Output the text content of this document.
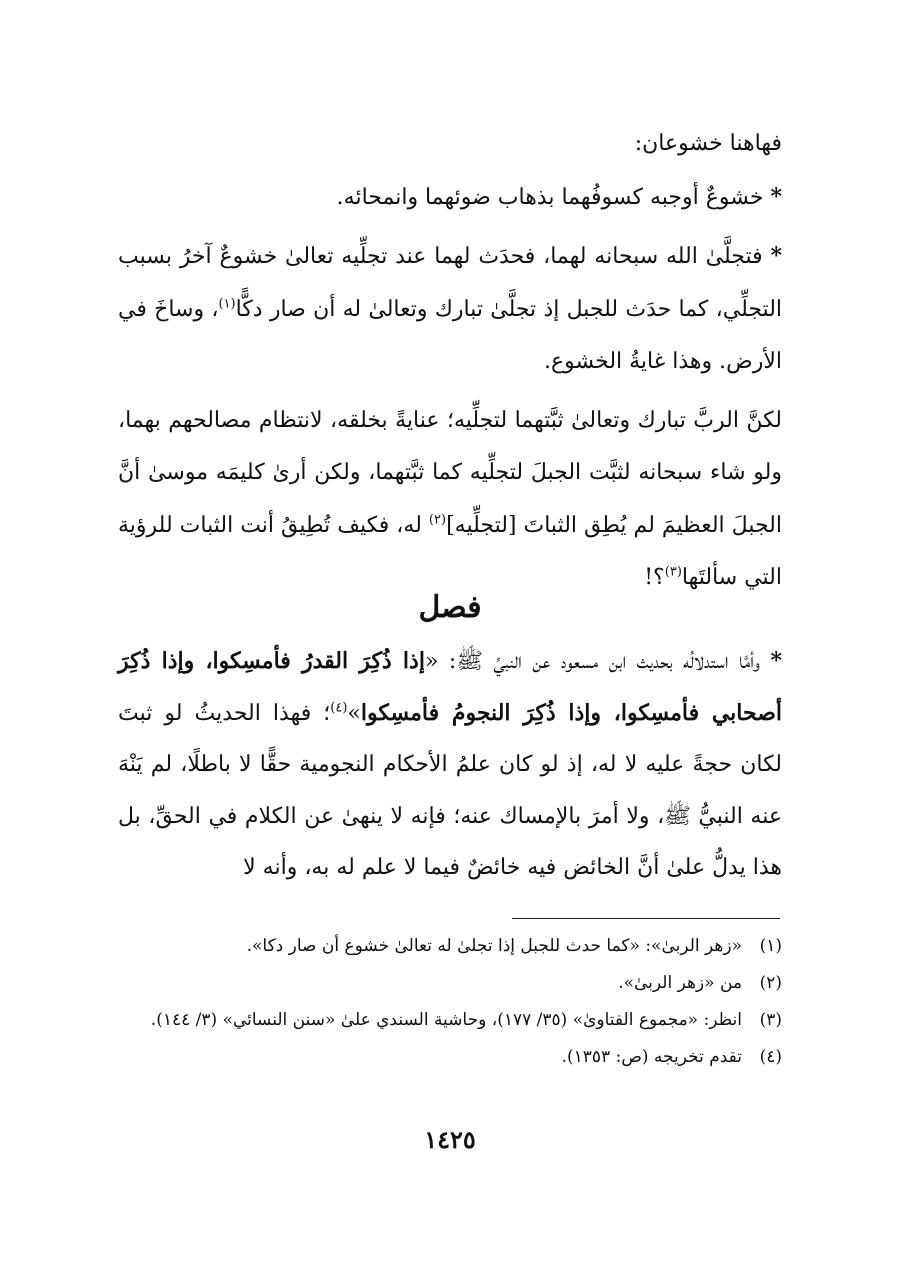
فهاهنا خشوعان:

* خشوعٌ أوجبه كسوفُهما بذهاب ضوئهما وانمحائه.

* فتجلَّىٰ الله سبحانه لهما، فحدَث لهما عند تجلِّيه تعالىٰ خشوعٌ آخرُ بسبب التجلِّي، كما حدَث للجبل إذ تجلَّىٰ تبارك وتعالىٰ له أن صار دكًّا$^{(١)}$، وساخَ في الأرض. وهذا غايةُ الخشوع.

لكنَّ الربَّ تبارك وتعالىٰ ثبَّتهما لتجلِّيه؛ عنايةً بخلقه، لانتظام مصالحهم بهما، ولو شاء سبحانه لثبَّت الجبلَ لتجلِّيه كما ثبَّتهما، ولكن أرىٰ كليمَه موسىٰ أنَّ الجبلَ العظيمَ لم يُطِق الثباتَ [لتجلِّيه]$^{(٢)}$ له، فكيف تُطِيقُ أنت الثبات للرؤية التي سألتَها$^{(٣)}$؟!

فصل

* وأمَّا استدلالُه بحديث ابن مسعود عن النبيِّ ﷺ: «إذا ذُكِرَ القدرُ فأمسِكوا، وإذا ذُكِرَ أصحابي فأمسِكوا، وإذا ذُكِرَ النجومُ فأمسِكوا»$^{(٤)}$؛ فهذا الحديثُ لو ثبتَ لكان حجةً عليه لا له، إذ لو كان علمُ الأحكام النجومية حقًّا لا باطلًا، لم يَنْهَ عنه النبيُّ ﷺ، ولا أمرَ بالإمساك عنه؛ فإنه لا ينهىٰ عن الكلام في الحقِّ، بل هذا يدلُّ علىٰ أنَّ الخائض فيه خائضٌ فيما لا علم له به، وأنه لا

(١)
«زهر الربىٰ»: «كما حدث للجبل إذا تجلىٰ له تعالىٰ خشوع أن صار دكا».
(٢)
من «زهر الربىٰ».
(٣)
انظر: «مجموع الفتاوىٰ» (٣٥/ ١٧٧)، وحاشية السندي علىٰ «سنن النسائي» (٣/ ١٤٤).
(٤)
تقدم تخريجه (ص: ١٣٥٣).
١٤٢٥
